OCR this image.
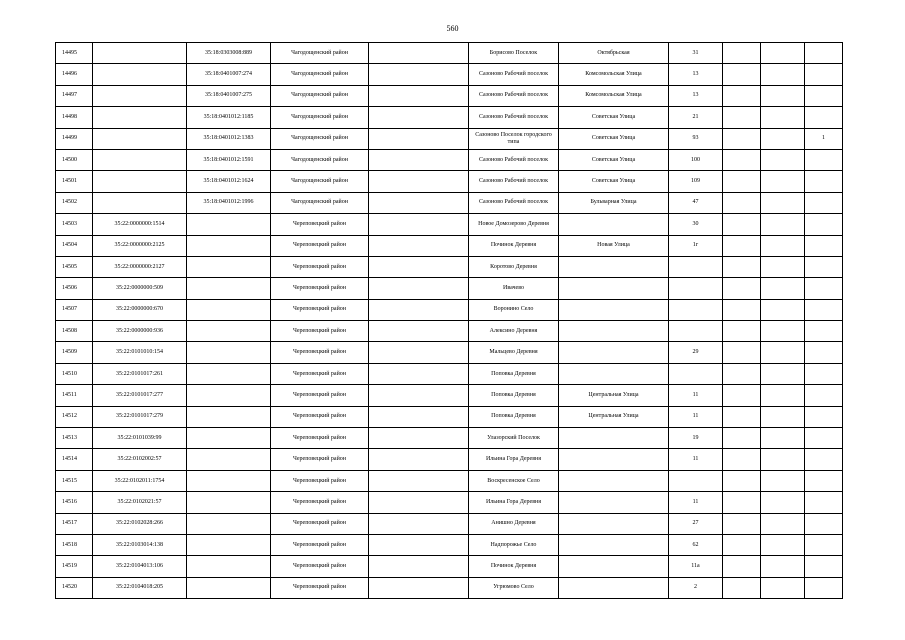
560
14495		35:18:0303008:889	Чагодощенский район		Борисово Поселок	Октябрьская	31			
14496		35:18:0401007:274	Чагодощенский район		Сазоново Рабочий поселок	Комсомольская Улица	13			
14497		35:18:0401007:275	Чагодощенский район		Сазоново Рабочий поселок	Комсомольская Улица	13			
14498		35:18:0401012:1185	Чагодощенский район		Сазоново Рабочий поселок	Советская Улица	21			
14499		35:18:0401012:1383	Чагодощенский район		Сазоново Поселок городского типа	Советская Улица	93			1
14500		35:18:0401012:1591	Чагодощенский район		Сазоново Рабочий поселок	Советская Улица	100			
14501		35:18:0401012:1624	Чагодощенский район		Сазоново Рабочий поселок	Советская Улица	109			
14502		35:18:0401012:1996	Чагодощенский район		Сазоново Рабочий поселок	Бульварная Улица	47			
14503	35:22:0000000:1514		Череповецкий район		Новое Домозерово Деревня		30			
14504	35:22:0000000:2125		Череповецкий район		Починок Деревня	Новая Улица	1г			
14505	35:22:0000000:2127		Череповецкий район		Коротово Деревня					
14506	35:22:0000000:509		Череповецкий район		Ивачево					
14507	35:22:0000000:670		Череповецкий район		Воронино Село					
14508	35:22:0000000:936		Череповецкий район		Алексино Деревня					
14509	35:22:0101010:154		Череповецкий район		Мальцево Деревня		29			
14510	35:22:0101017:261		Череповецкий район		Поповка Деревня					
14511	35:22:0101017:277		Череповецкий район		Поповка Деревня	Центральная Улица	11			
14512	35:22:0101017:279		Череповецкий район		Поповка Деревня	Центральная Улица	11			
14513	35:22:0101039:99		Череповецкий район		Улазорский Поселок		19			
14514	35:22:0102002:57		Череповецкий район		Ильина Гора Деревня		11			
14515	35:22:0102011:1754		Череповецкий район		Воскресенское Село					
14516	35:22:0102021:57		Череповецкий район		Ильина Гора Деревня		11			
14517	35:22:0102028:266		Череповецкий район		Анишно Деревня		27			
14518	35:22:0103014:138		Череповецкий район		Надпорожье Село		62			
14519	35:22:0104013:106		Череповецкий район		Починок Деревня		11а			
14520	35:22:0104018:205		Череповецкий район		Угрюмово Село		2			
